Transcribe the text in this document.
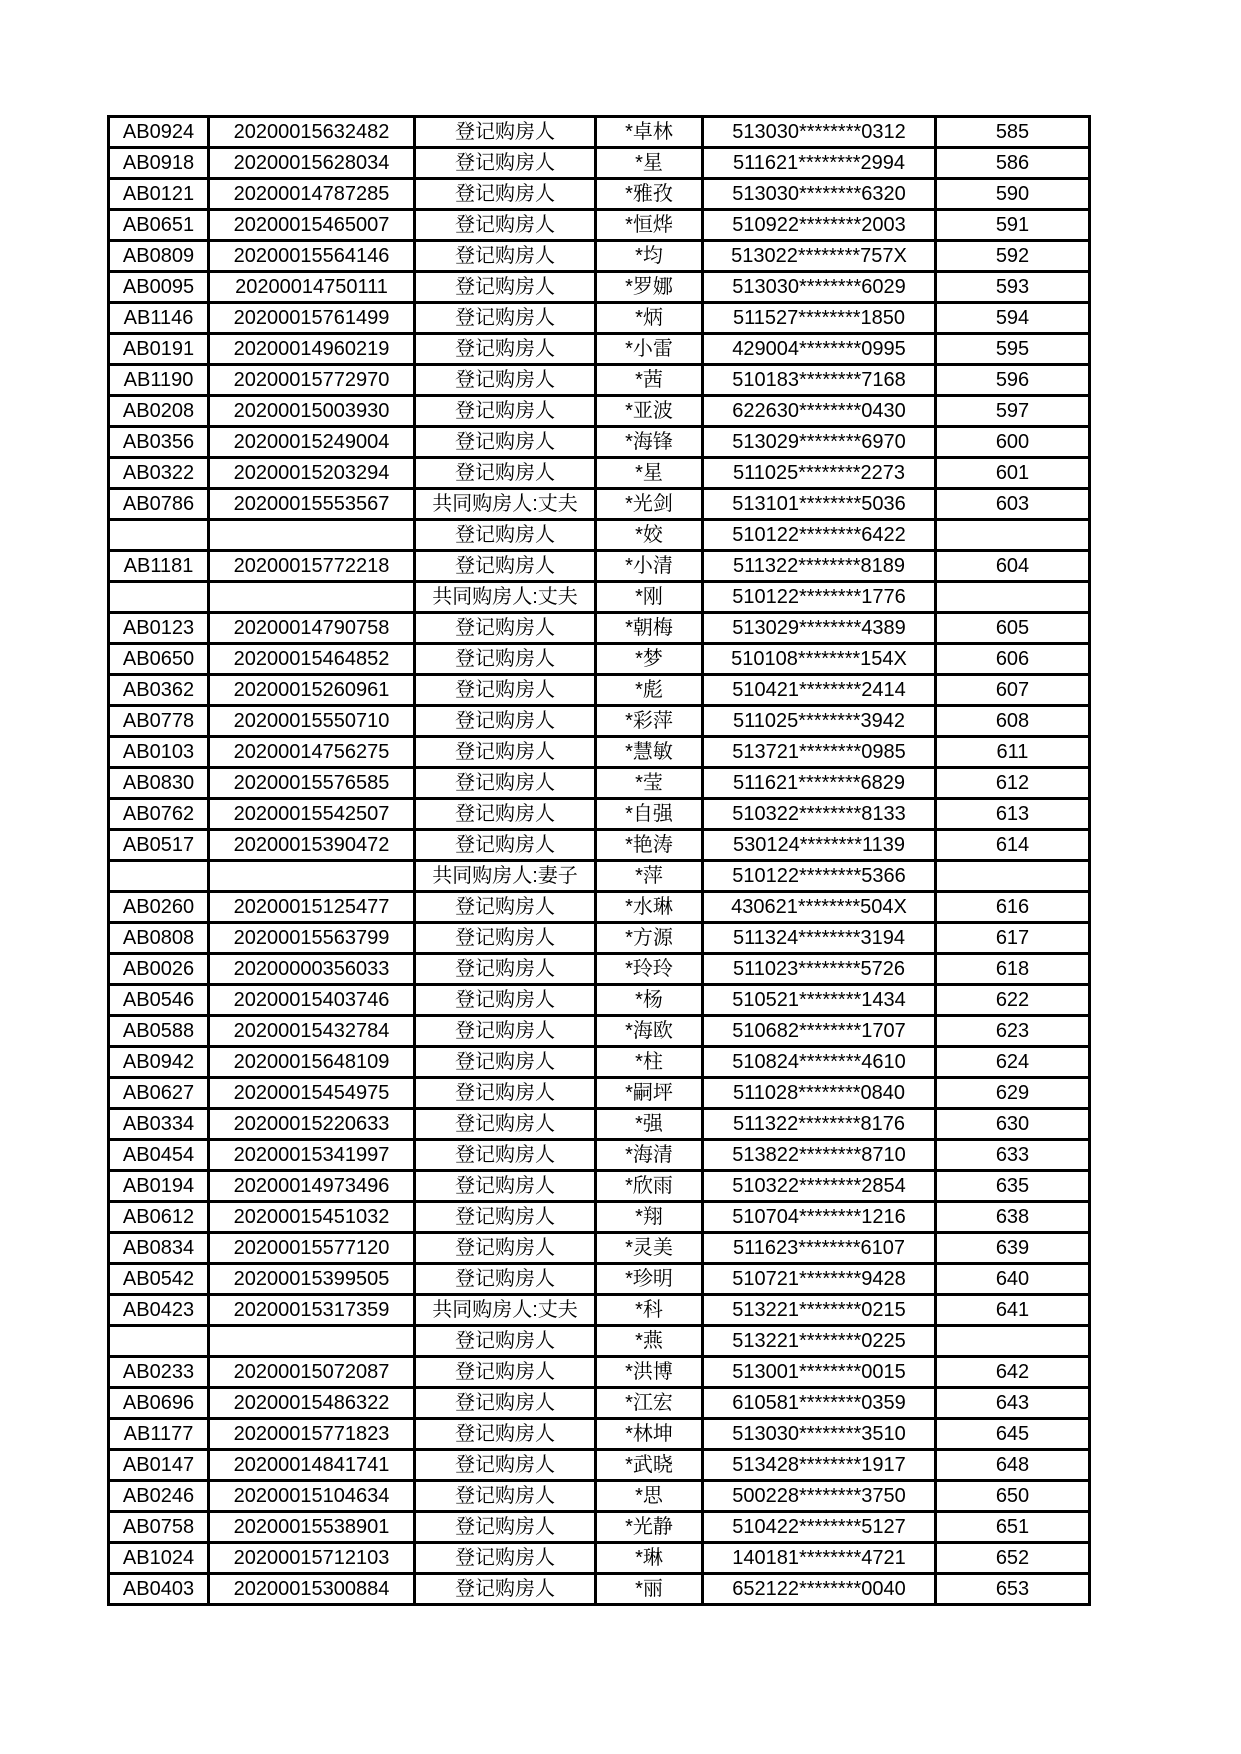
AB0924	20200015632482	登记购房人	*卓林	513030********0312	585
AB0918	20200015628034	登记购房人	*星	511621********2994	586
AB0121	20200014787285	登记购房人	*雅孜	513030********6320	590
AB0651	20200015465007	登记购房人	*恒烨	510922********2003	591
AB0809	20200015564146	登记购房人	*均	513022********757X	592
AB0095	20200014750111	登记购房人	*罗娜	513030********6029	593
AB1146	20200015761499	登记购房人	*炳	511527********1850	594
AB0191	20200014960219	登记购房人	*小雷	429004********0995	595
AB1190	20200015772970	登记购房人	*茜	510183********7168	596
AB0208	20200015003930	登记购房人	*亚波	622630********0430	597
AB0356	20200015249004	登记购房人	*海锋	513029********6970	600
AB0322	20200015203294	登记购房人	*星	511025********2273	601
AB0786	20200015553567	共同购房人:丈夫	*光剑	513101********5036	603
		登记购房人	*姣	510122********6422	
AB1181	20200015772218	登记购房人	*小清	511322********8189	604
		共同购房人:丈夫	*刚	510122********1776	
AB0123	20200014790758	登记购房人	*朝梅	513029********4389	605
AB0650	20200015464852	登记购房人	*梦	510108********154X	606
AB0362	20200015260961	登记购房人	*彪	510421********2414	607
AB0778	20200015550710	登记购房人	*彩萍	511025********3942	608
AB0103	20200014756275	登记购房人	*慧敏	513721********0985	611
AB0830	20200015576585	登记购房人	*莹	511621********6829	612
AB0762	20200015542507	登记购房人	*自强	510322********8133	613
AB0517	20200015390472	登记购房人	*艳涛	530124********1139	614
		共同购房人:妻子	*萍	510122********5366	
AB0260	20200015125477	登记购房人	*水琳	430621********504X	616
AB0808	20200015563799	登记购房人	*方源	511324********3194	617
AB0026	20200000356033	登记购房人	*玲玲	511023********5726	618
AB0546	20200015403746	登记购房人	*杨	510521********1434	622
AB0588	20200015432784	登记购房人	*海欧	510682********1707	623
AB0942	20200015648109	登记购房人	*柱	510824********4610	624
AB0627	20200015454975	登记购房人	*嗣坪	511028********0840	629
AB0334	20200015220633	登记购房人	*强	511322********8176	630
AB0454	20200015341997	登记购房人	*海清	513822********8710	633
AB0194	20200014973496	登记购房人	*欣雨	510322********2854	635
AB0612	20200015451032	登记购房人	*翔	510704********1216	638
AB0834	20200015577120	登记购房人	*灵美	511623********6107	639
AB0542	20200015399505	登记购房人	*珍明	510721********9428	640
AB0423	20200015317359	共同购房人:丈夫	*科	513221********0215	641
		登记购房人	*燕	513221********0225	
AB0233	20200015072087	登记购房人	*洪博	513001********0015	642
AB0696	20200015486322	登记购房人	*江宏	610581********0359	643
AB1177	20200015771823	登记购房人	*林坤	513030********3510	645
AB0147	20200014841741	登记购房人	*武晓	513428********1917	648
AB0246	20200015104634	登记购房人	*思	500228********3750	650
AB0758	20200015538901	登记购房人	*光静	510422********5127	651
AB1024	20200015712103	登记购房人	*琳	140181********4721	652
AB0403	20200015300884	登记购房人	*丽	652122********0040	653
